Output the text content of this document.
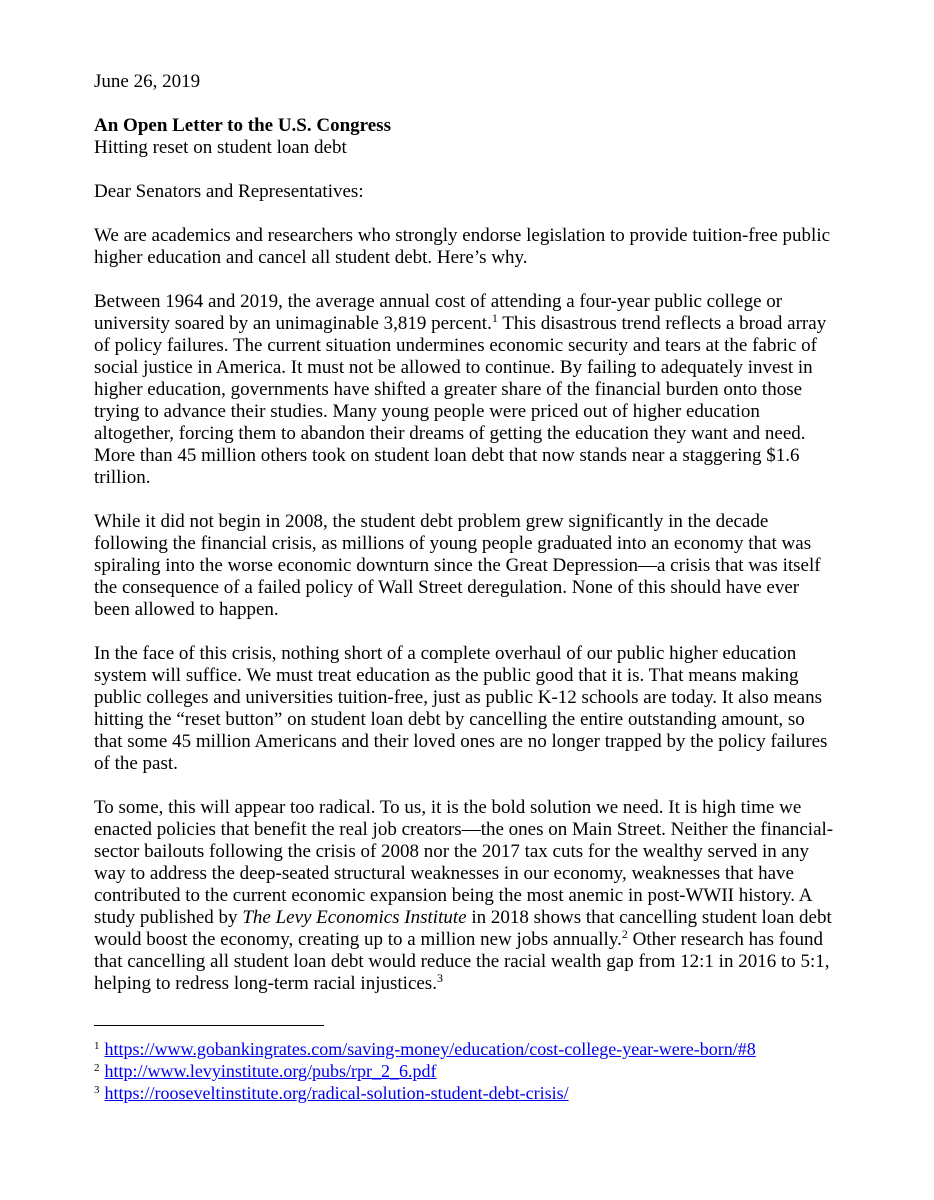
June 26, 2019
An Open Letter to the U.S. Congress
Hitting reset on student loan debt
Dear Senators and Representatives:
We are academics and researchers who strongly endorse legislation to provide tuition-free public
higher education and cancel all student debt. Here’s why.
Between 1964 and 2019, the average annual cost of attending a four-year public college or
university soared by an unimaginable 3,819 percent.$^1$ This disastrous trend reflects a broad array
of policy failures. The current situation undermines economic security and tears at the fabric of
social justice in America. It must not be allowed to continue. By failing to adequately invest in
higher education, governments have shifted a greater share of the financial burden onto those
trying to advance their studies. Many young people were priced out of higher education
altogether, forcing them to abandon their dreams of getting the education they want and need.
More than 45 million others took on student loan debt that now stands near a staggering $1.6
trillion.
While it did not begin in 2008, the student debt problem grew significantly in the decade
following the financial crisis, as millions of young people graduated into an economy that was
spiraling into the worse economic downturn since the Great Depression—a crisis that was itself
the consequence of a failed policy of Wall Street deregulation. None of this should have ever
been allowed to happen.
In the face of this crisis, nothing short of a complete overhaul of our public higher education
system will suffice. We must treat education as the public good that it is. That means making
public colleges and universities tuition-free, just as public K-12 schools are today. It also means
hitting the “reset button” on student loan debt by cancelling the entire outstanding amount, so
that some 45 million Americans and their loved ones are no longer trapped by the policy failures
of the past.
To some, this will appear too radical. To us, it is the bold solution we need. It is high time we
enacted policies that benefit the real job creators—the ones on Main Street. Neither the financial-
sector bailouts following the crisis of 2008 nor the 2017 tax cuts for the wealthy served in any
way to address the deep-seated structural weaknesses in our economy, weaknesses that have
contributed to the current economic expansion being the most anemic in post-WWII history. A
study published by The Levy Economics Institute in 2018 shows that cancelling student loan debt
would boost the economy, creating up to a million new jobs annually.$^2$ Other research has found
that cancelling all student loan debt would reduce the racial wealth gap from 12:1 in 2016 to 5:1,
helping to redress long-term racial injustices.$^3$
$^1$ https://www.gobankingrates.com/saving-money/education/cost-college-year-were-born/#8
$^2$ http://www.levyinstitute.org/pubs/rpr_2_6.pdf
$^3$ https://rooseveltinstitute.org/radical-solution-student-debt-crisis/
